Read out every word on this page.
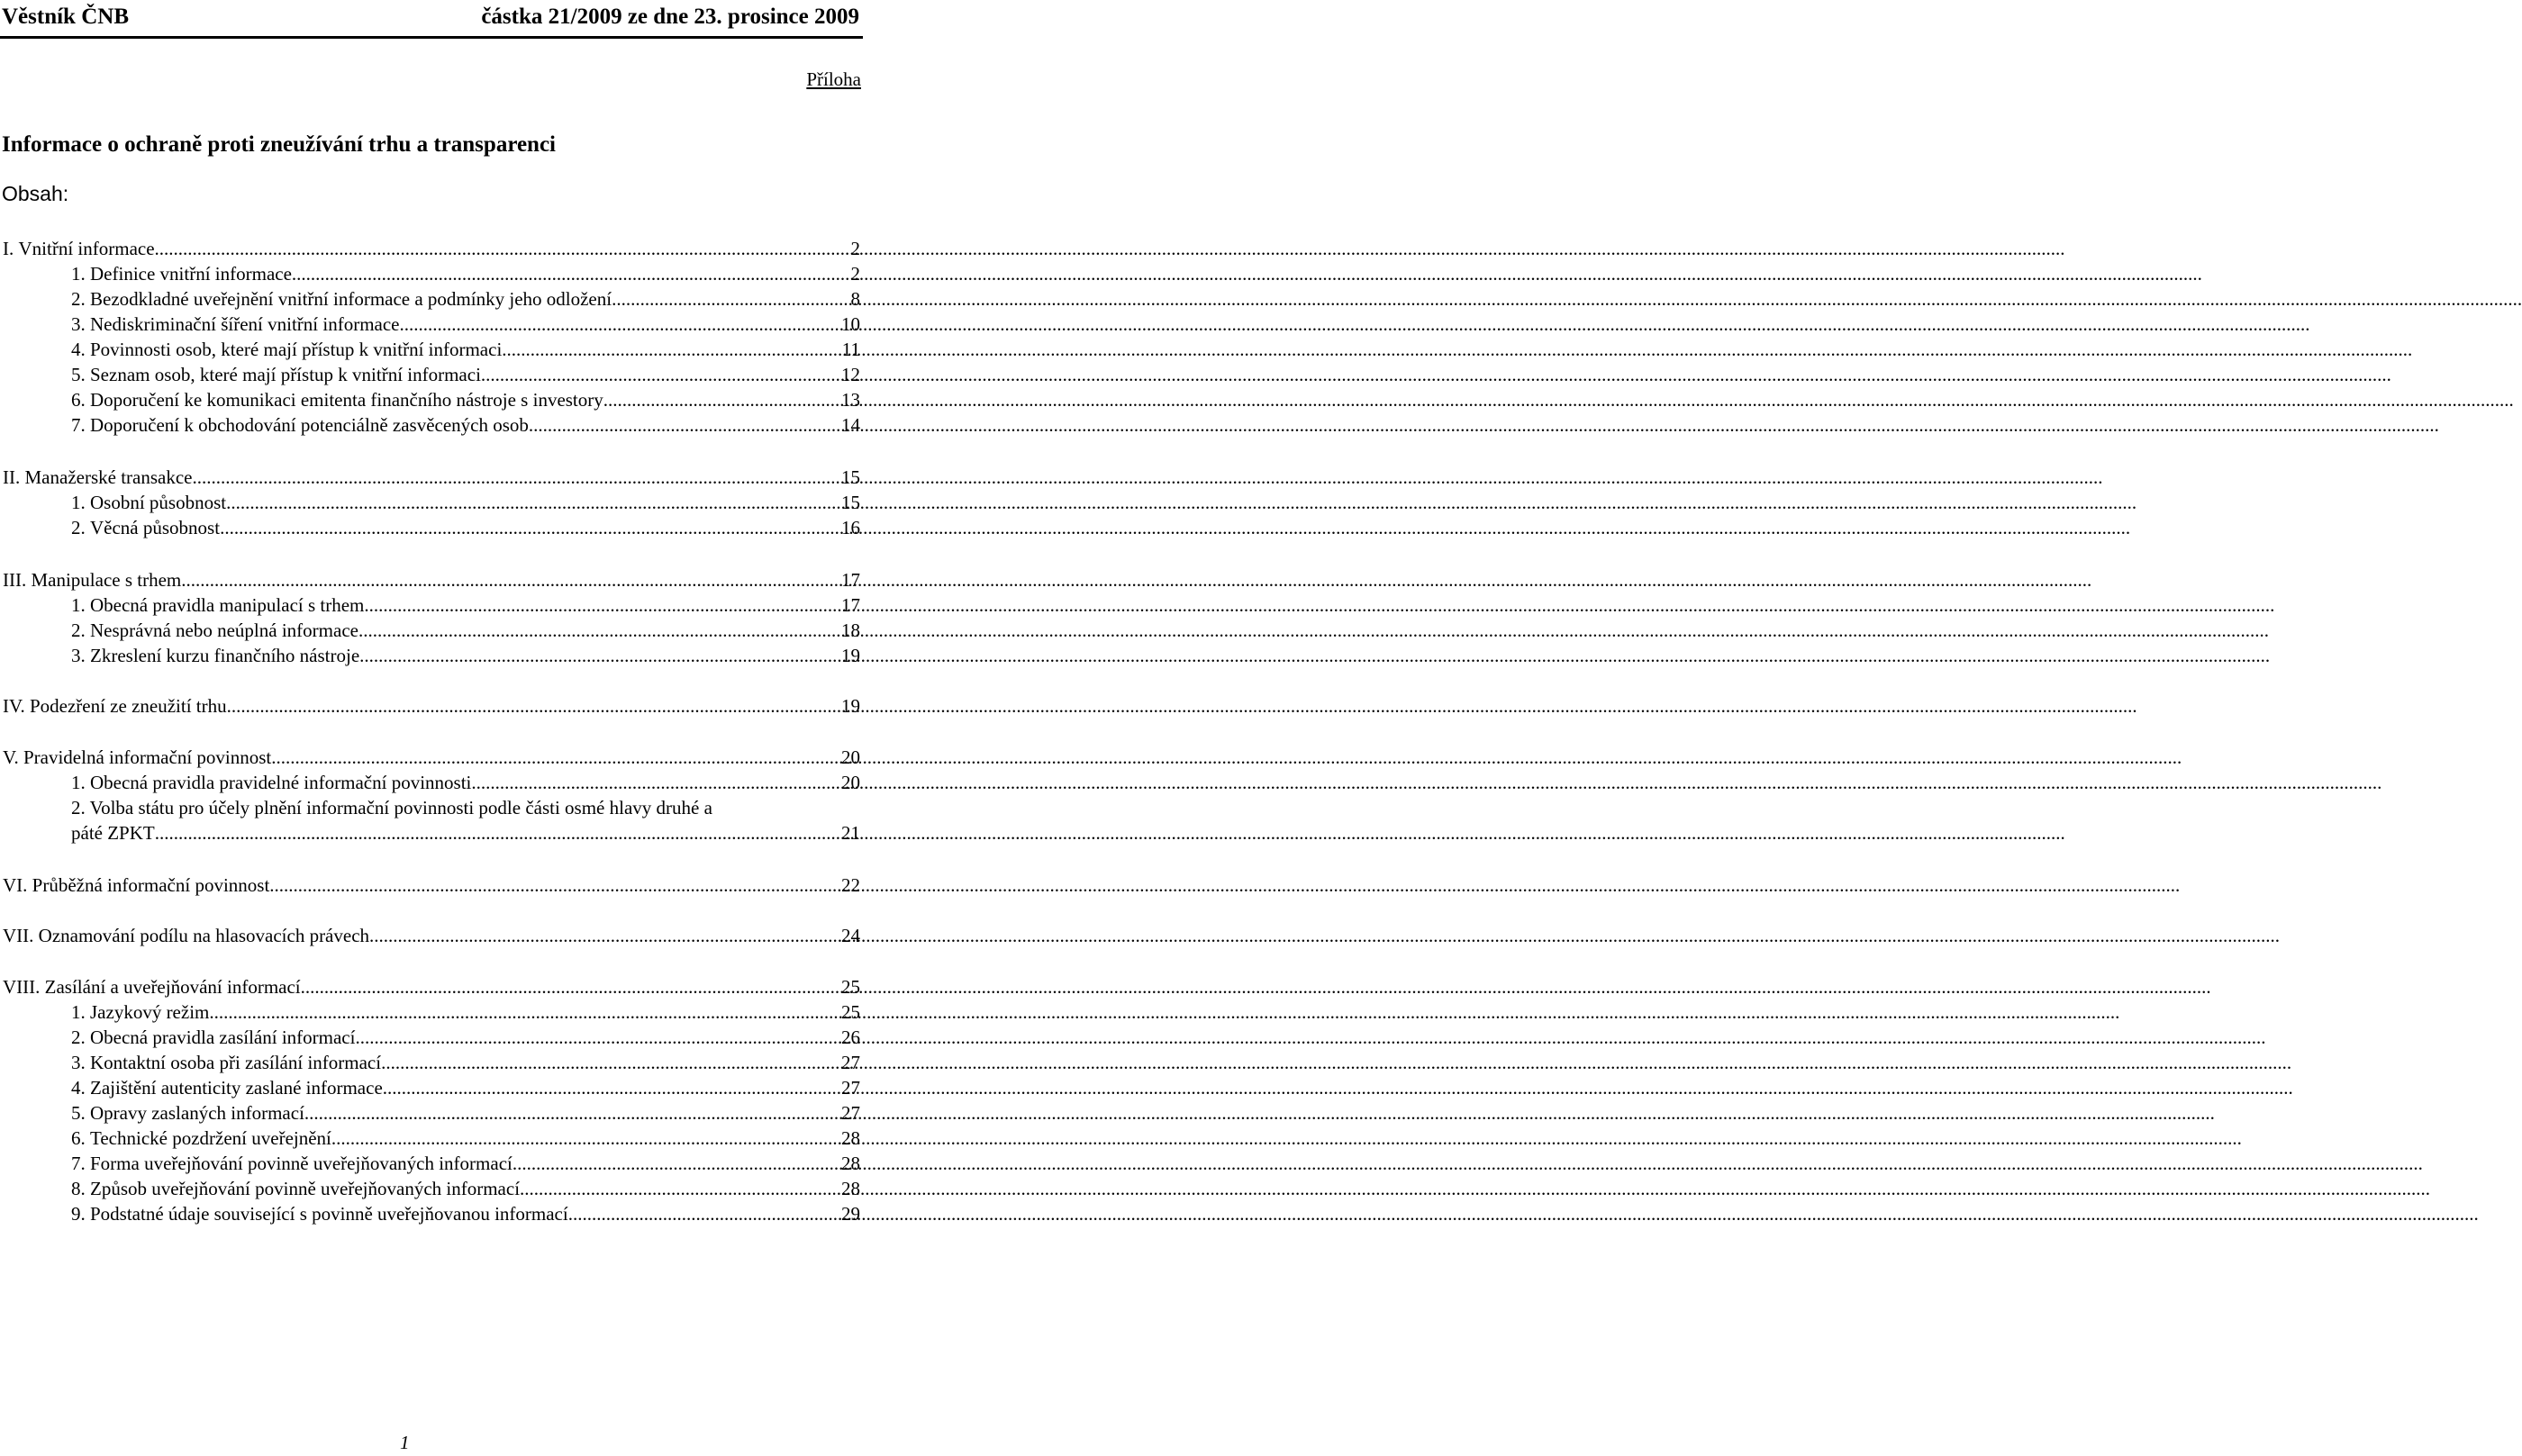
Věstník ČNB	částka 21/2009 ze dne 23. prosince 2009
Příloha
Informace o ochraně proti zneužívání trhu a transparenci
Obsah:
I.
Vnitřní informace .....	2
1.
Definice vnitřní informace .....	2
2.
Bezodkladné uveřejnění vnitřní informace a podmínky jeho odložení .....	8
3.
Nediskriminační šíření vnitřní informace .....	10
4.
Povinnosti osob, které mají přístup k vnitřní informaci .....	11
5.
Seznam osob, které mají přístup k vnitřní informaci .....	12
6.
Doporučení ke komunikaci emitenta finančního nástroje s investory .....	13
7.
Doporučení k obchodování potenciálně zasvěcených osob .....	14
II.
Manažerské transakce .....	15
1.
Osobní působnost .....	15
2.
Věcná působnost .....	16
III.
Manipulace s trhem .....	17
1.
Obecná pravidla manipulací s trhem .....	17
2.
Nesprávná nebo neúplná informace .....	18
3.
Zkreslení kurzu finančního nástroje .....	19
IV.
Podezření ze zneužití trhu .....	19
V.
Pravidelná informační povinnost .....	20
1.
Obecná pravidla pravidelné informační povinnosti .....	20
2. Volba státu pro účely plnění informační povinnosti podle části osmé hlavy druhé a
páté ZPKT .....	21
VI.
Průběžná informační povinnost .....	22
VII.
Oznamování podílu na hlasovacích právech .....	24
VIII.
Zasílání a uveřejňování informací .....	25
1.
Jazykový režim .....	25
2.
Obecná pravidla zasílání informací .....	26
3.
Kontaktní osoba při zasílání informací .....	27
4.
Zajištění autenticity zaslané informace .....	27
5.
Opravy zaslaných informací .....	27
6.
Technické pozdržení uveřejnění .....	28
7.
Forma uveřejňování povinně uveřejňovaných informací .....	28
8.
Způsob uveřejňování povinně uveřejňovaných informací .....	28
9.
Podstatné údaje související s povinně uveřejňovanou informací .....	29
1
